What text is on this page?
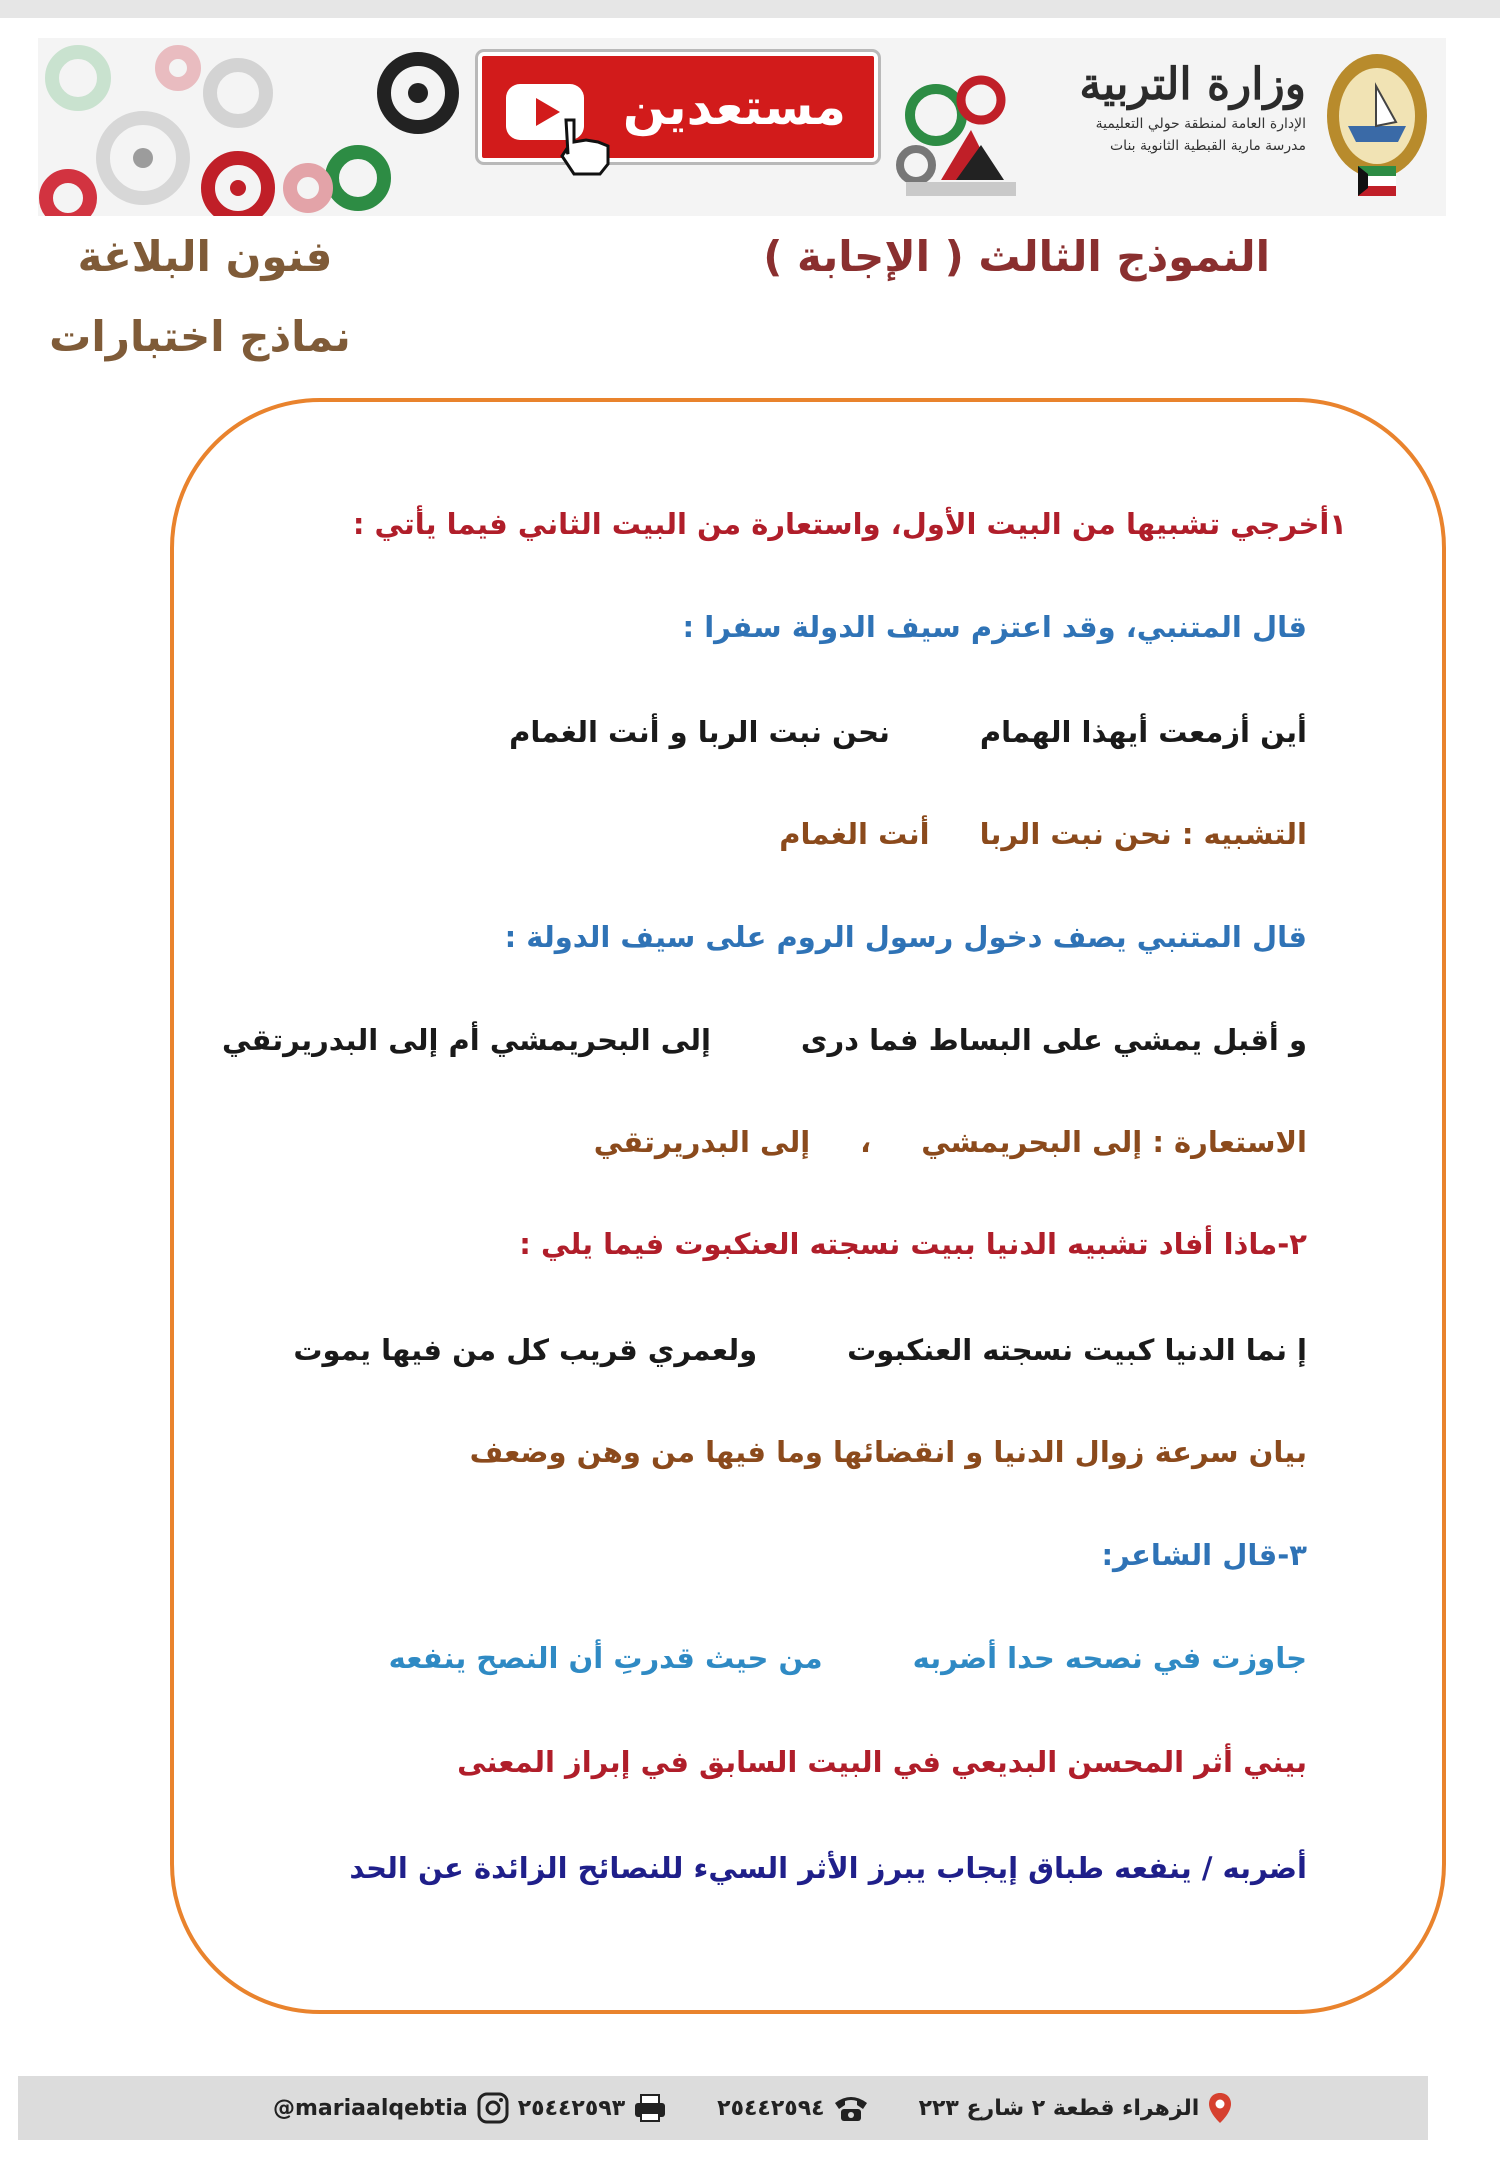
مستعدين	وزارة التربية
الإدارة العامة لمنطقة حولي التعليمية
مدرسة مارية القبطية الثانوية بنات
النموذج الثالث ( الإجابة )
فنون البلاغة
نماذج اختبارات
١أخرجي تشبيها من البيت الأول، واستعارة من البيت الثاني فيما يأتي :
قال المتنبي، وقد اعتزم سيف الدولة سفرا :
أين أزمعت أيهذا الهمامنحن نبت الربا و أنت الغمام
التشبيه : نحن نبت الرباأنت الغمام
قال المتنبي يصف دخول رسول الروم على سيف الدولة :
و أقبل يمشي على البساط فما درىإلى البحريمشي أم إلى البدريرتقي
الاستعارة : إلى البحريمشي،إلى البدريرتقي
٢-ماذا أفاد تشبيه الدنيا ببيت نسجته العنكبوت فيما يلي :
إ نما الدنيا كبيت نسجته العنكبوتولعمري قريب كل من فيها يموت
بيان سرعة زوال الدنيا و انقضائها وما فيها من وهن وضعف
٣-قال الشاعر:
جاوزت في نصحه حدا أضربهمن حيث قدرتِ أن النصح ينفعه
بيني أثر المحسن البديعي في البيت السابق في إبراز المعنى
أضربه / ينفعه طباق إيجاب يبرز الأثر السيء للنصائح الزائدة عن الحد
@mariaalqebtia ٢٥٤٤٢٥٩٣	٢٥٤٤٢٥٩٤	الزهراء قطعة ٢ شارع ٢٢٣
